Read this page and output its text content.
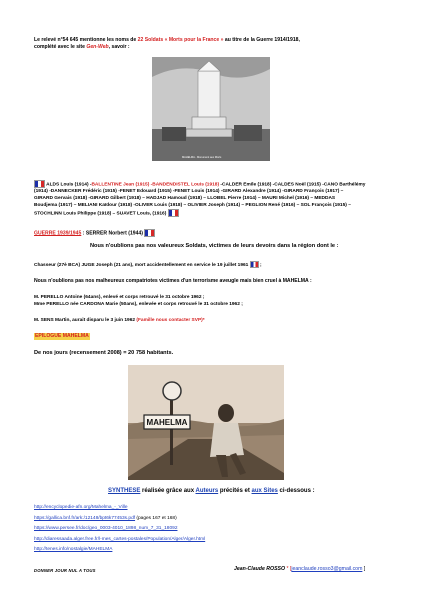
Le relevé n°54 645 mentionne les noms de 22 Soldats « Morts pour la France » au titre de la Guerre 1914/1918,

complété avec le site Gen-Web, savoir :

MAHELMA - Monument aux Morts

ALDS Louis (1914) -BALLENTINE Jean (1915) -BANDENDISTEL Louis (1918) -CALDER Emile (1918) -CALDES Noël (1915) -CANO Barthélémy

(1914) -DANNECKER Frédéric (1915) -FENET Edouard (1915) -FENET Louis (1914) -GIRARD Alexandre (1914) -GIRARD François (1917) –

GIRARD Gervais (1918) -GIRARD Gilbert (1918) – HADJAD Hamoud (1918) – LLOBEL Pierre (1914) – MAURI Michel (1916) – MEDDAS

Boudjema (1917) – MELIANI Kaïdour (1918) -OLIVER Louis (1918) – OLIVIER Joseph (1914) – PEGLION René (1916) – SOL François (1915) –

STOCHLINN Louis Philippe (1918) – SUAVET Louis, (1916)

GUERRE 1939/1945 : SERRER Norbert (1944)
Nous n'oublions pas nos valeureux Soldats, victimes de leurs devoirs dans la région dont le :
Chasseur (27è BCA) JUGE Joseph (21 ans), mort accidentellement en service le 19 juillet 1961  ;
Nous n'oublions pas nos malheureux compatriotes victimes d'un terrorisme aveugle mais bien cruel à MAHELMA :
M. PERELLO Antoine (64ans), enlevé et corps retrouvé le 31 octobre 1962 ;
Mme PERELLO née CARDONA Marie (50ans), enlevée et corps retrouvé le 31 octobre 1962 ;
M. SENS Martin, aurait disparu le 3 juin 1962 (Famille nous contacter SVP)*
EPILOGUE MAHELMA
De nos jours (recensement 2008) = 20 758 habitants.
MAHELMA
SYNTHESE réalisée grâce aux Auteurs précités et aux Sites ci-dessous :
http://encyclopedie-afn.org/Mahelma_-_Ville
https://gallica.bnf.fr/ark:/12148/bpt6k77453s.pdf (pages 167 et 168)
https://www.persee.fr/doc/geo_0003-4010_1898_num_7_31_18092
http://diaressaada.alger.free.fr/l-mes_cartes-postales/Population/Alger/Alger.html
http://tenes.info/nostalgie/MAHELMA
DONNER JOUR NUL A TOUS	Jean-Claude ROSSO * [jeanclaude.rosso3@gmail.com ]
